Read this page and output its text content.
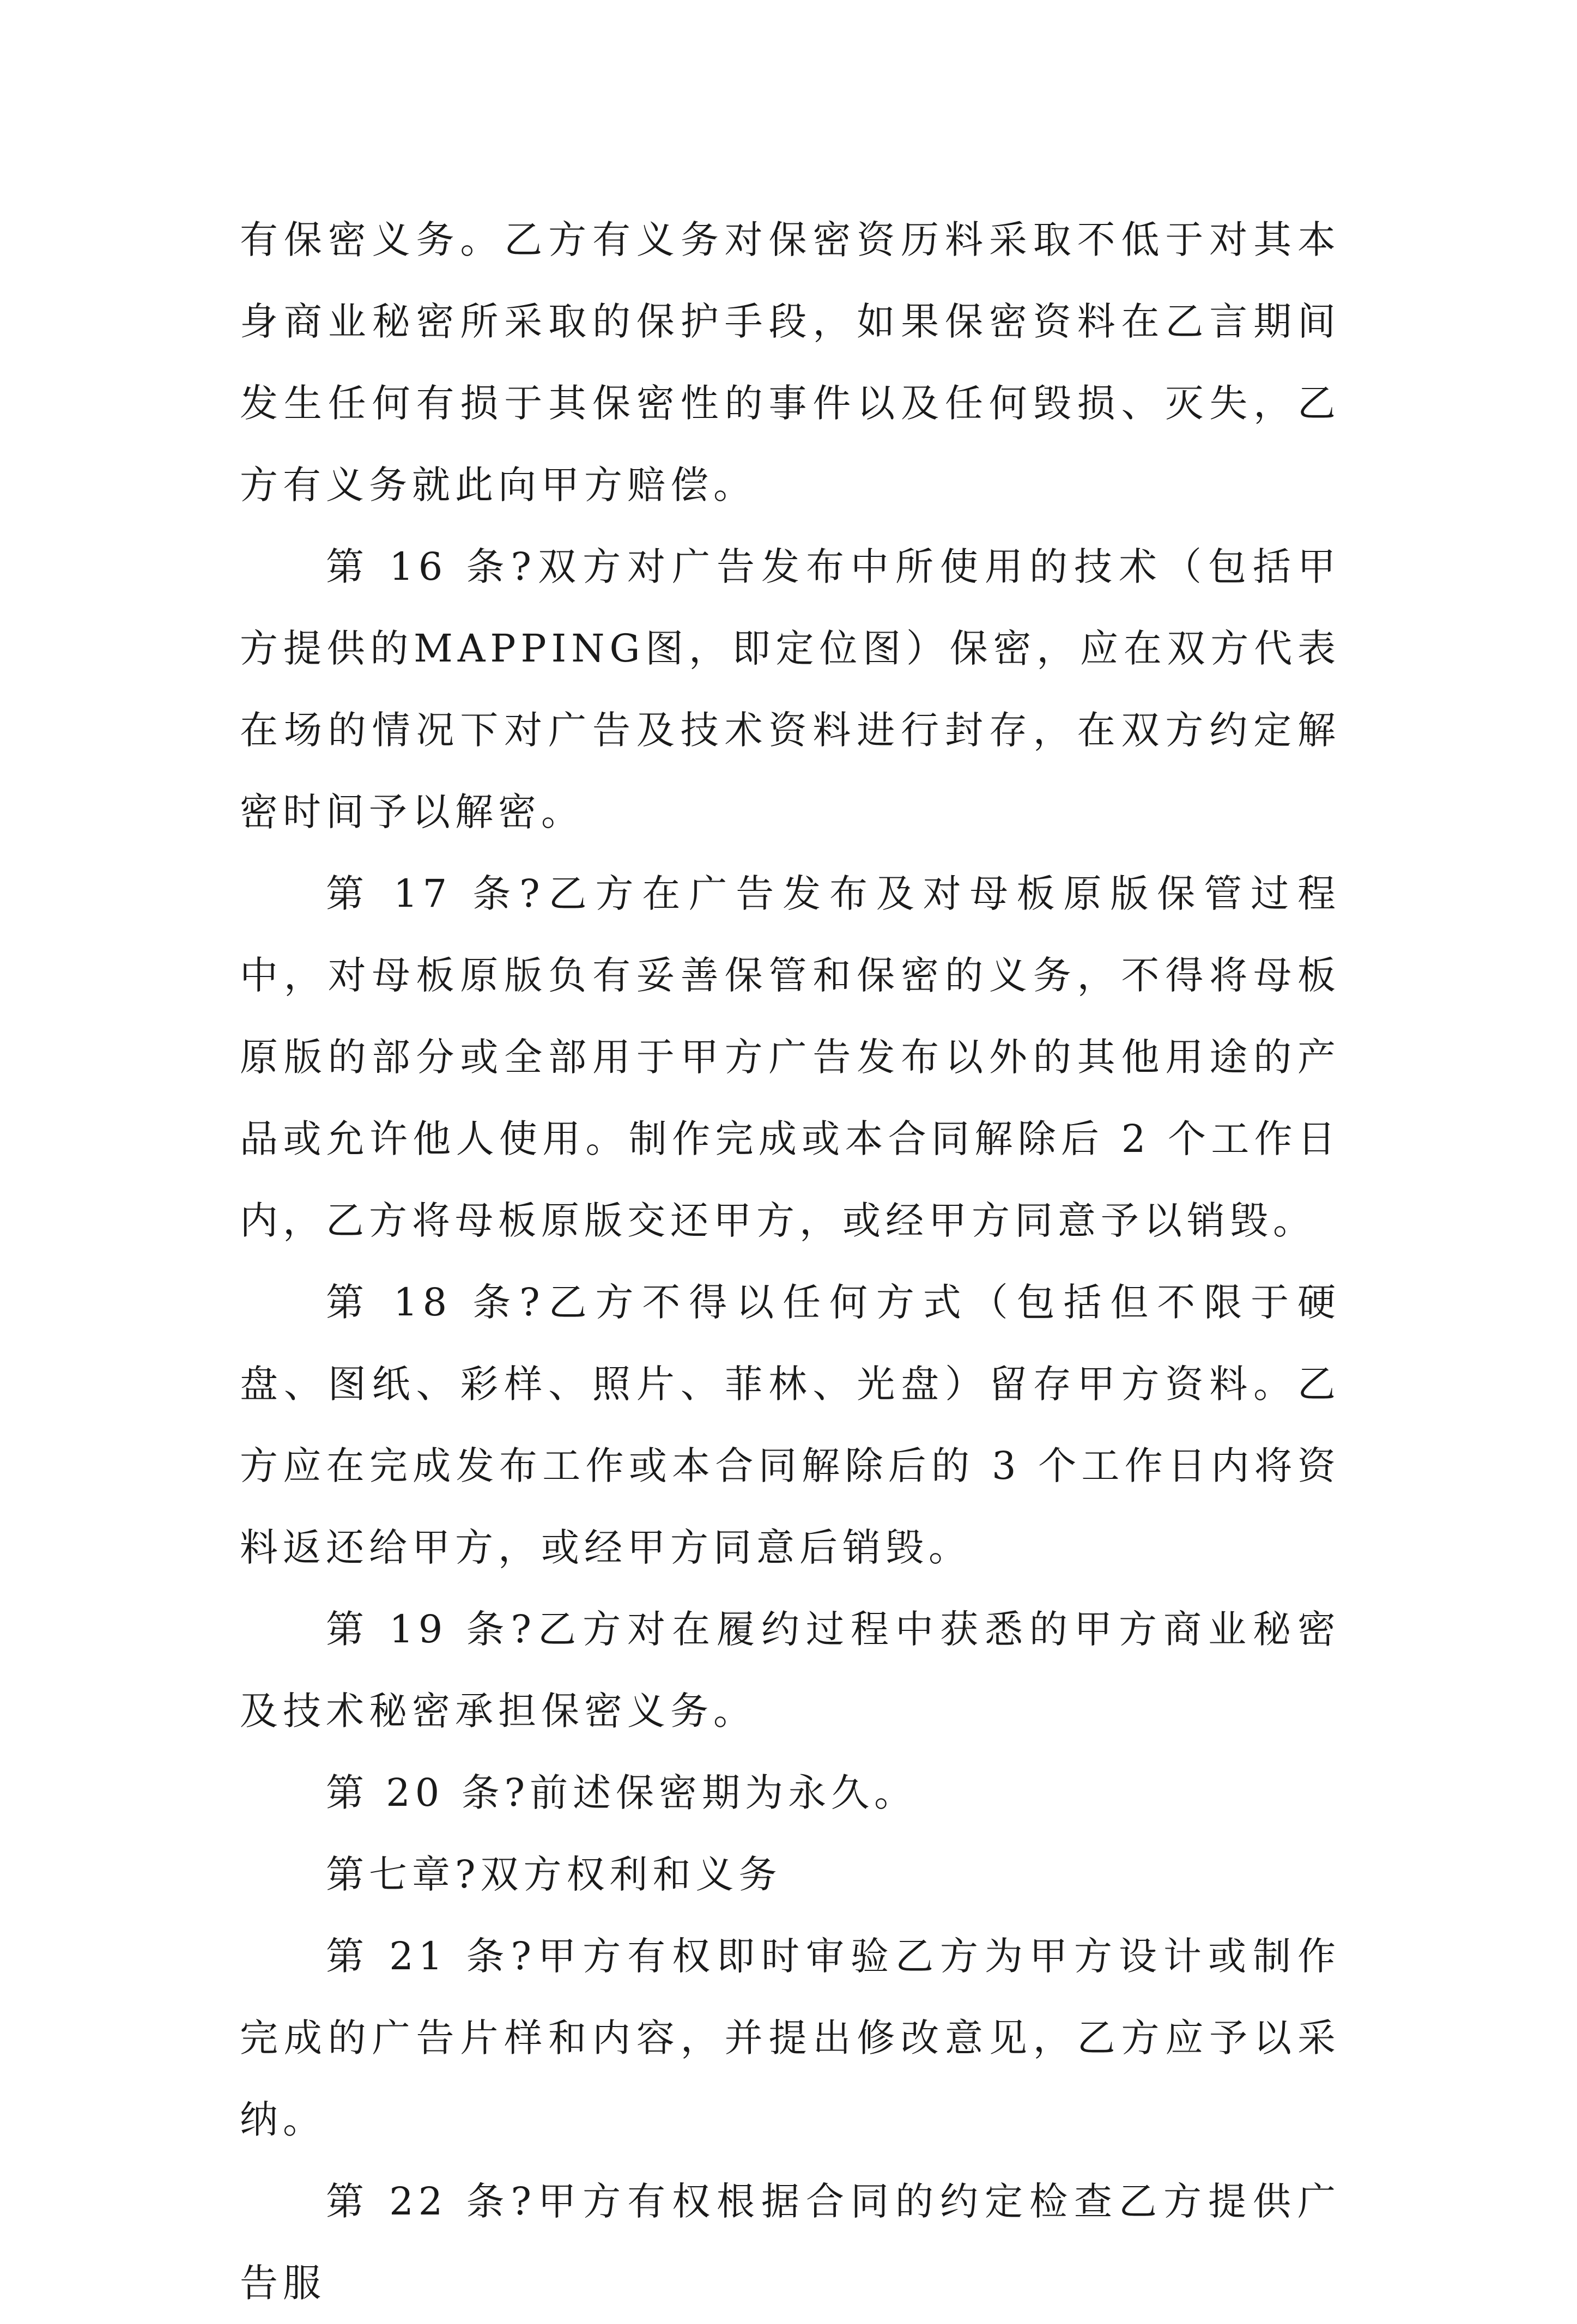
有保密义务。乙方有义务对保密资历料采取不低于对其本身商业秘密所采取的保护手段，如果保密资料在乙言期间发生任何有损于其保密性的事件以及任何毁损、灭失，乙方有义务就此向甲方赔偿。

第 16 条?双方对广告发布中所使用的技术（包括甲方提供的MAPPING图，即定位图）保密，应在双方代表在场的情况下对广告及技术资料进行封存，在双方约定解密时间予以解密。

第 17 条?乙方在广告发布及对母板原版保管过程中，对母板原版负有妥善保管和保密的义务，不得将母板原版的部分或全部用于甲方广告发布以外的其他用途的产品或允许他人使用。制作完成或本合同解除后 2 个工作日内，乙方将母板原版交还甲方，或经甲方同意予以销毁。

第 18 条?乙方不得以任何方式（包括但不限于硬盘、图纸、彩样、照片、菲林、光盘）留存甲方资料。乙方应在完成发布工作或本合同解除后的 3 个工作日内将资料返还给甲方，或经甲方同意后销毁。

第 19 条?乙方对在履约过程中获悉的甲方商业秘密及技术秘密承担保密义务。

第 20 条?前述保密期为永久。

第七章?双方权利和义务

第 21 条?甲方有权即时审验乙方为甲方设计或制作完成的广告片样和内容，并提出修改意见，乙方应予以采纳。

第 22 条?甲方有权根据合同的约定检查乙方提供广告服
